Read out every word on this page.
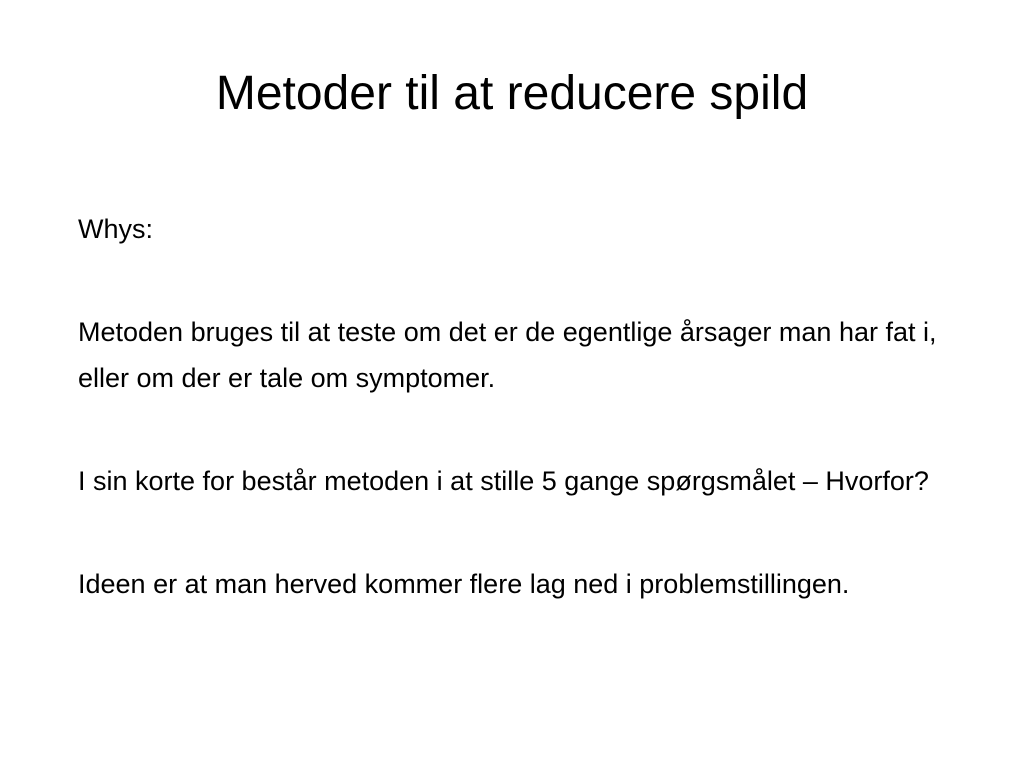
Metoder til at reducere spild

Whys:

Metoden bruges til at teste om det er de egentlige årsager man har fat i, eller om der er tale om symptomer.

I sin korte for består metoden i at stille 5 gange spørgsmålet – Hvorfor?

Ideen er at man herved kommer flere lag ned i problemstillingen.
